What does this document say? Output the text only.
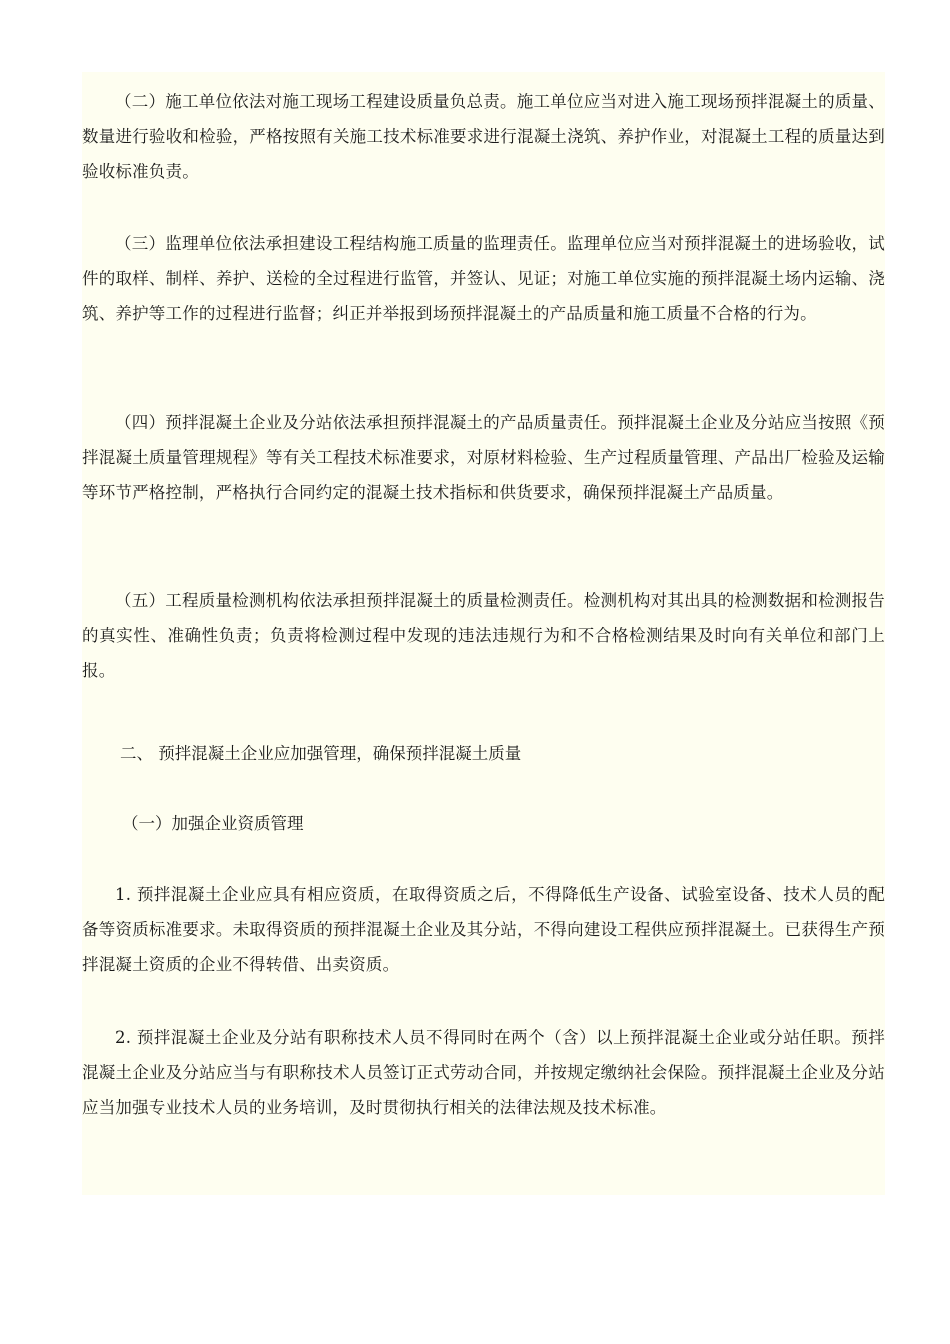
（二）施工单位依法对施工现场工程建设质量负总责。施工单位应当对进入施工现场预拌混凝土的质量、数量进行验收和检验，严格按照有关施工技术标准要求进行混凝土浇筑、养护作业，对混凝土工程的质量达到验收标准负责。

（三）监理单位依法承担建设工程结构施工质量的监理责任。监理单位应当对预拌混凝土的进场验收，试件的取样、制样、养护、送检的全过程进行监管，并签认、见证；对施工单位实施的预拌混凝土场内运输、浇筑、养护等工作的过程进行监督；纠正并举报到场预拌混凝土的产品质量和施工质量不合格的行为。

（四）预拌混凝土企业及分站依法承担预拌混凝土的产品质量责任。预拌混凝土企业及分站应当按照《预拌混凝土质量管理规程》等有关工程技术标准要求，对原材料检验、生产过程质量管理、产品出厂检验及运输等环节严格控制，严格执行合同约定的混凝土技术指标和供货要求，确保预拌混凝土产品质量。

（五）工程质量检测机构依法承担预拌混凝土的质量检测责任。检测机构对其出具的检测数据和检测报告的真实性、准确性负责；负责将检测过程中发现的违法违规行为和不合格检测结果及时向有关单位和部门上报。

二、 预拌混凝土企业应加强管理，确保预拌混凝土质量

（一）加强企业资质管理

1. 预拌混凝土企业应具有相应资质，在取得资质之后，不得降低生产设备、试验室设备、技术人员的配备等资质标准要求。未取得资质的预拌混凝土企业及其分站，不得向建设工程供应预拌混凝土。已获得生产预拌混凝土资质的企业不得转借、出卖资质。

2. 预拌混凝土企业及分站有职称技术人员不得同时在两个（含）以上预拌混凝土企业或分站任职。预拌混凝土企业及分站应当与有职称技术人员签订正式劳动合同，并按规定缴纳社会保险。预拌混凝土企业及分站应当加强专业技术人员的业务培训，及时贯彻执行相关的法律法规及技术标准。
